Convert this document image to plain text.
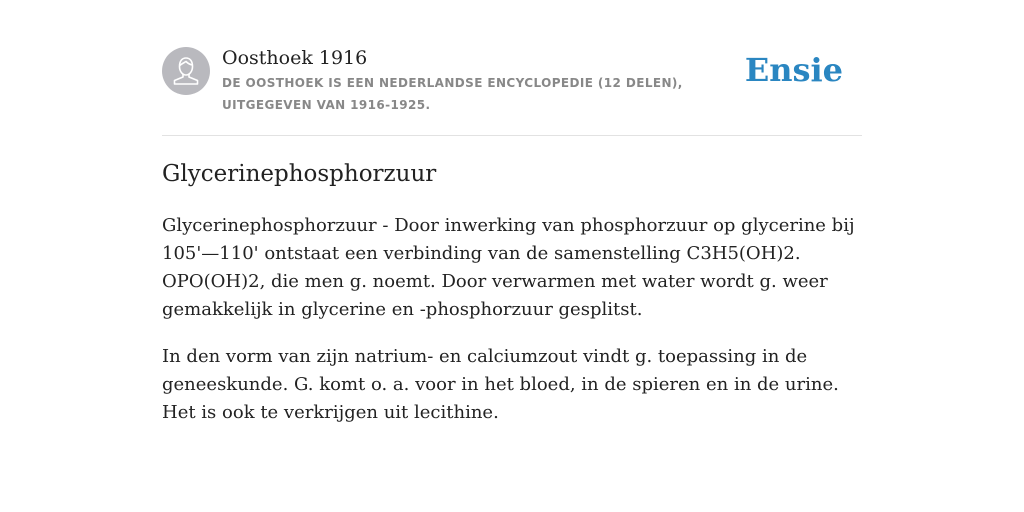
Oosthoek 1916
DE OOSTHOEK IS EEN NEDERLANDSE ENCYCLOPEDIE (12 DELEN), UITGEGEVEN VAN 1916-1925.
Ensie
Glycerinephosphorzuur

Glycerinephosphorzuur - Door inwerking van phosphorzuur op glycerine bij 105'—110' ontstaat een verbinding van de samenstelling C3H5(OH)2. OPO(OH)2, die men g. noemt. Door verwarmen met water wordt g. weer gemakkelijk in glycerine en -phosphorzuur gesplitst.

In den vorm van zijn natrium- en calciumzout vindt g. toepassing in de geneeskunde. G. komt o. a. voor in het bloed, in de spieren en in de urine. Het is ook te verkrijgen uit lecithine.
